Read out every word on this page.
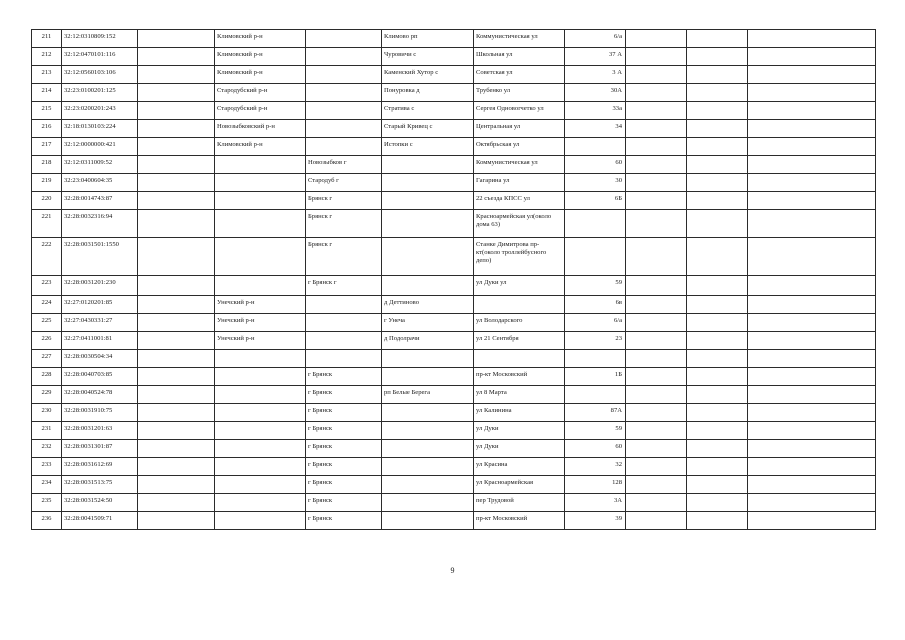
211	32:12:0310809:152		Климовский р-н		Климово рп	Коммунистическая ул	6/а			
212	32:12:0470101:116		Климовский р-н		Чуровичи с	Школьная ул	37 А			
213	32:12:0560103:106		Климовский р-н		Каменский Хутор с	Советская ул	3 А			
214	32:23:0100201:125		Стародубский р-н		Понуровка д	Трубенко ул	30А			
215	32:23:0200201:243		Стародубский р-н		Стратива с	Сергея Одновorчетко ул	33а			
216	32:18:0130103:224		Новозыбковский р-н		Старый Кривец с	Центральная ул	34			
217	32:12:0000000:421		Климовский р-н		Истопки с	Октябрьская ул				
218	32:12:0311009:52			Новозыбков г		Коммунистическая ул	60			
219	32:23:0400604:35			Стародуб г		Гагарина ул	30			
220	32:28:0014743:87			Брянск г		22 съезда КПСС ул	6Б			
221	32:28:0032316:94			Брянск г		Красноармейская ул(около дома 63)				
222	32:28:0031501:1550			Брянск г		Станке Димитрова пр-кт(около троллейбусного депо)				
223	32:28:0031201:230			г Брянск г		ул Дуки ул	59			
224	32:27:0120201:85		Унечский р-н		д Деттиново		6в			
225	32:27:0430331:27		Унечский р-н		г Унеча	ул Володарского	6/а			
226	32:27:0411001:81		Унечский р-н		д Подолрачи	ул 21 Сентября	23			
227	32:28:0030504:34									
228	32:28:0040703:85			г Брянск		пр-кт Московский	1Б			
229	32:28:0040524:78			г Брянск	рп Белые Берега	ул 8 Марта				
230	32:28:0031910:75			г Брянск		ул Калинина	87А			
231	32:28:0031201:63			г Брянск		ул Дуки	59			
232	32:28:0031301:87			г Брянск		ул Дуки	60			
233	32:28:0031612:69			г Брянск		ул Красина	32			
234	32:28:0031513:75			г Брянск		ул Красноармейская	128			
235	32:28:0031524:50			г Брянск		пер Трудовой	3А			
236	32:28:0041509:71			г Брянск		пр-кт Московский	39			
9
